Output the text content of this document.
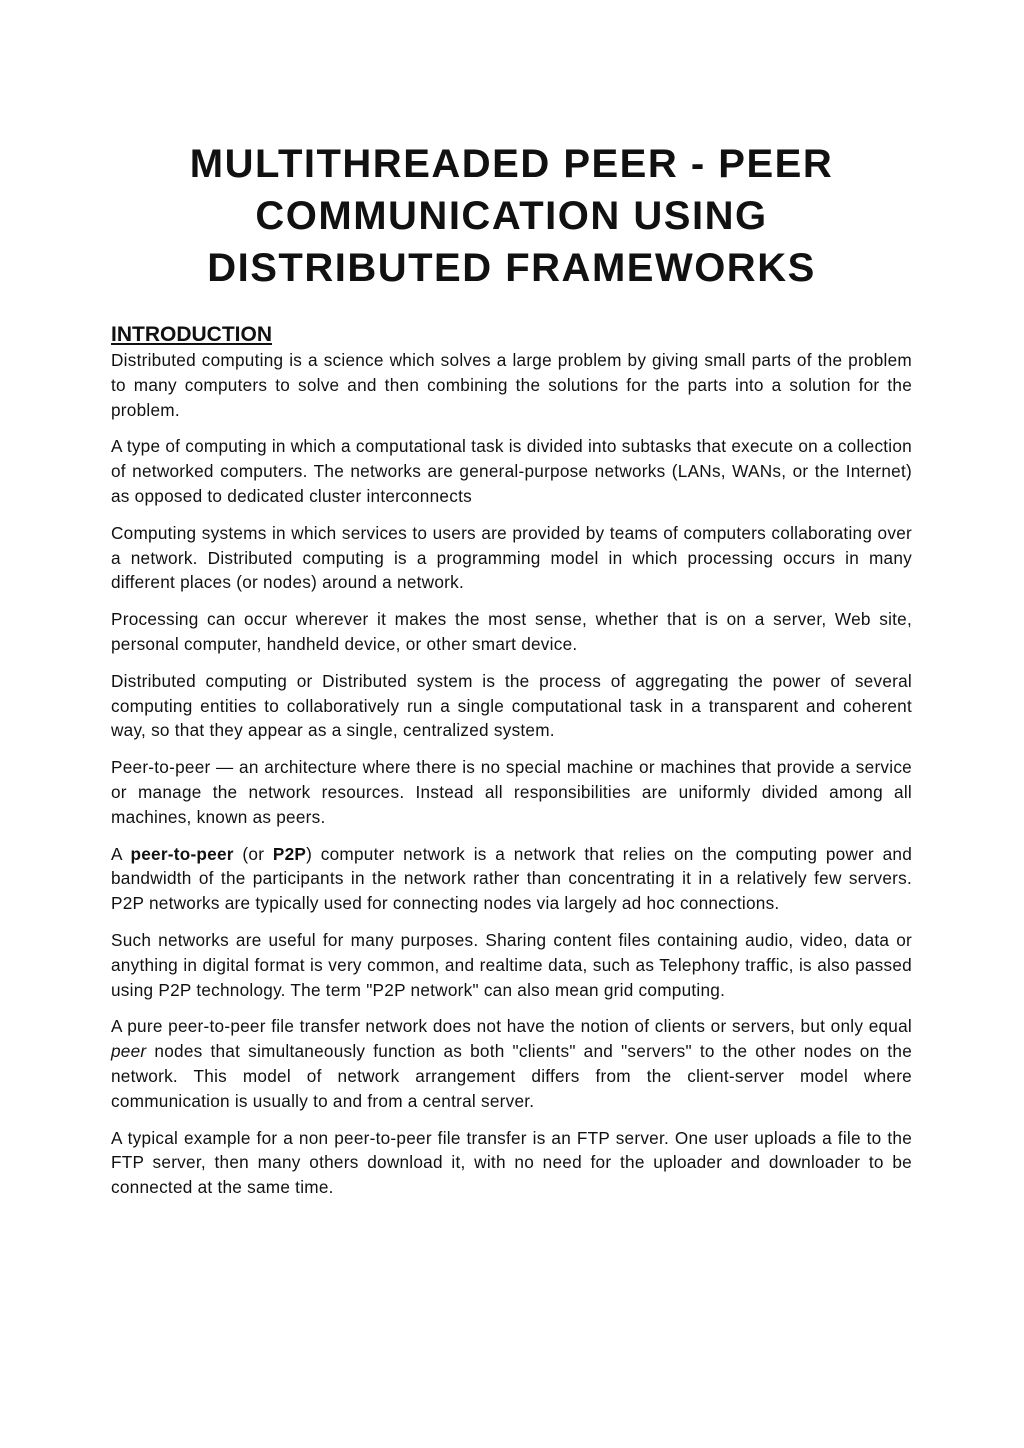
MULTITHREADED PEER - PEER
COMMUNICATION USING
DISTRIBUTED FRAMEWORKS
INTRODUCTION

Distributed computing is a science which solves a large problem by giving small parts of the problem to many computers to solve and then combining the solutions for the parts into a solution for the problem.

A type of computing in which a computational task is divided into subtasks that execute on a collection of networked computers. The networks are general-purpose networks (LANs, WANs, or the Internet) as opposed to dedicated cluster interconnects

Computing systems in which services to users are provided by teams of computers collaborating over a network. Distributed computing is a programming model in which processing occurs in many different places (or nodes) around a network.

Processing can occur wherever it makes the most sense, whether that is on a server, Web site, personal computer, handheld device, or other smart device.

Distributed computing or Distributed system is the process of aggregating the power of several computing entities to collaboratively run a single computational task in a transparent and coherent way, so that they appear as a single, centralized system.

Peer-to-peer — an architecture where there is no special machine or machines that provide a service or manage the network resources. Instead all responsibilities are uniformly divided among all machines, known as peers.

A peer-to-peer (or P2P) computer network is a network that relies on the computing power and bandwidth of the participants in the network rather than concentrating it in a relatively few servers. P2P networks are typically used for connecting nodes via largely ad hoc connections.

Such networks are useful for many purposes. Sharing content files containing audio, video, data or anything in digital format is very common, and realtime data, such as Telephony traffic, is also passed using P2P technology. The term "P2P network" can also mean grid computing.

A pure peer-to-peer file transfer network does not have the notion of clients or servers, but only equal peer nodes that simultaneously function as both "clients" and "servers" to the other nodes on the network. This model of network arrangement differs from the client-server model where communication is usually to and from a central server.

A typical example for a non peer-to-peer file transfer is an FTP server. One user uploads a file to the FTP server, then many others download it, with no need for the uploader and downloader to be connected at the same time.
